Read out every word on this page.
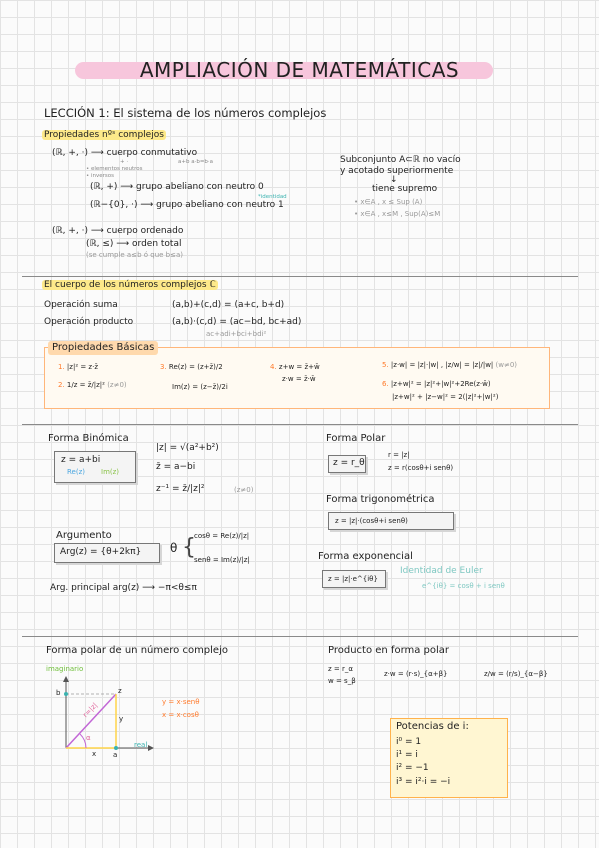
AMPLIACIÓN DE MATEMÁTICAS
LECCIÓN 1: El sistema de los números complejos
Propiedades nºˢ complejos
(ℝ, +, ·) ⟶ cuerpo conmutativo
+ ·	a+b a·b=b·a
• elementos neutros
• inversos
(ℝ, +) ⟶ grupo abeliano con neutro 0
*identidad
(ℝ−{0}, ·) ⟶ grupo abeliano con neutro 1
(ℝ, +, ·) ⟶ cuerpo ordenado
(ℝ, ≤) ⟶ orden total
(se cumple a≤b ó que b≤a)
Subconjunto A⊂ℝ no vacío
y acotado superiormente
↓
tiene supremo
• x∈A , x ≤ Sup (A)
• x∈A , x≤M , Sup(A)≤M
El cuerpo de los números complejos ℂ
Operación suma	(a,b)+(c,d) = (a+c, b+d)
Operación producto	(a,b)·(c,d) = (ac−bd, bc+ad)
ac+adi+bci+bdi²
Propiedades Básicas
1. |z|² = z·z̄
2. 1/z = z̄/|z|² (z≠0)
3. Re(z) = (z+z̄)/2
Im(z) = (z−z̄)/2i
4. z+w = z̄+w̄
z·w = z̄·w̄
5. |z·w| = |z|·|w| , |z/w| = |z|/|w| (w≠0)
6. |z+w|² = |z|²+|w|²+2Re(z·w̄)
|z+w|² + |z−w|² = 2(|z|²+|w|²)
Forma Binómica
z = a+bi
Re(z) Im(z)
|z| = √(a²+b²)
z̄ = a−bi
z⁻¹ = z̄/|z|²	(z≠0)
Forma Polar
z = r_θ
r = |z|
z = r(cosθ+i senθ)
Forma trigonométrica
z = |z|·(cosθ+i senθ)
Argumento
Arg(z) = {θ+2kπ} θ {
cosθ = Re(z)/|z|
senθ = Im(z)/|z|
Arg. principal arg(z) ⟶ −π<θ≤π
Forma exponencial
z = |z|·e^{iθ}
Identidad de Euler
e^{iθ} = cosθ + i senθ
Forma polar de un número complejo
imaginario
real
b
a
x
y
z
r=|z|
α
y = x·senθ
x = x·cosθ
Producto en forma polar
z = r_α
w = s_β
z·w = (r·s)_{α+β}	z/w = (r/s)_{α−β}
Potencias de i:
i⁰ = 1
i¹ = i
i² = −1
i³ = i²·i = −i
